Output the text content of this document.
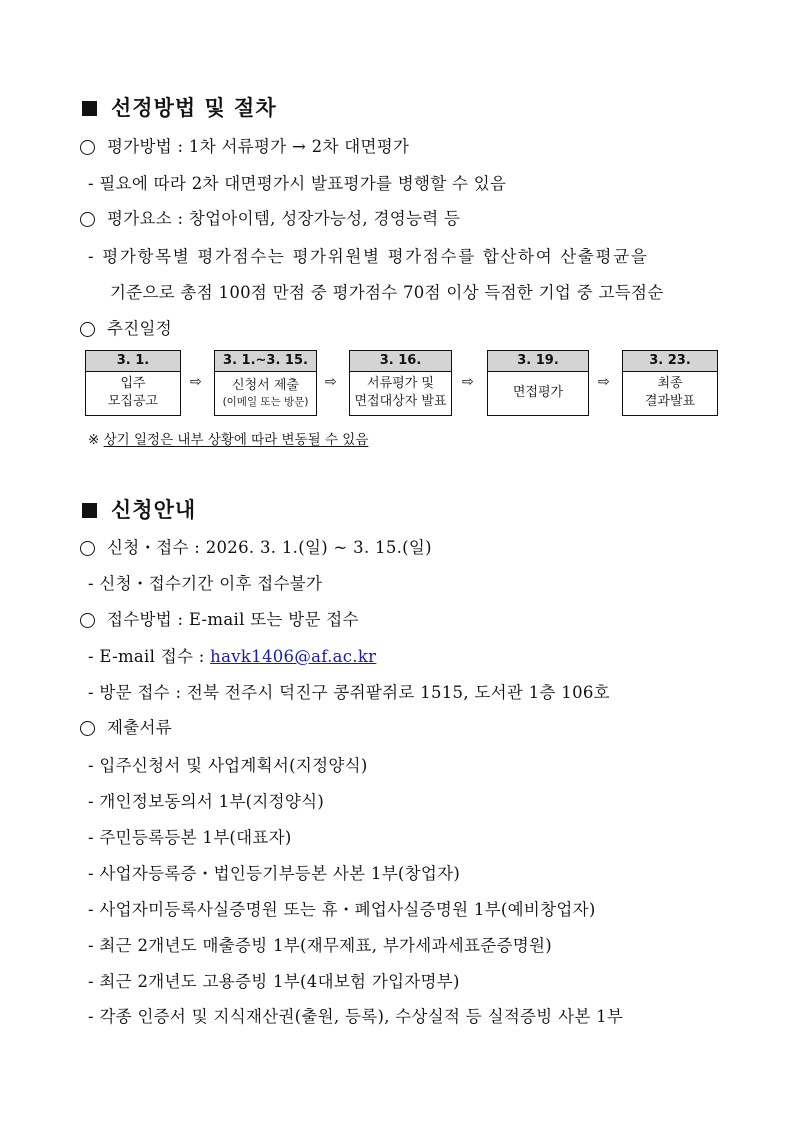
선정방법 및 절차
평가방법 : 1차 서류평가 → 2차 대면평가
- 필요에 따라 2차 대면평가시 발표평가를 병행할 수 있음
평가요소 : 창업아이템, 성장가능성, 경영능력 등
- 평가항목별 평가점수는 평가위원별 평가점수를 합산하여 산출평균을
기준으로 총점 100점 만점 중 평가점수 70점 이상 득점한 기업 중 고득점순
추진일정
3. 1.
입주
모집공고
⇨
3. 1.~3. 15.
신청서 제출
(이메일 또는 방문)
⇨
3. 16.
서류평가 및
면접대상자 발표
⇨
3. 19.
면접평가
⇨
3. 23.
최종
결과발표
※ 상기 일정은 내부 상황에 따라 변동될 수 있음
신청안내
신청・접수 : 2026. 3. 1.(일) ~ 3. 15.(일)
- 신청・접수기간 이후 접수불가
접수방법 : E-mail 또는 방문 접수
- E-mail 접수 : havk1406@af.ac.kr
- 방문 접수 : 전북 전주시 덕진구 콩쥐팥쥐로 1515, 도서관 1층 106호
제출서류
- 입주신청서 및 사업계획서(지정양식)
- 개인정보동의서 1부(지정양식)
- 주민등록등본 1부(대표자)
- 사업자등록증・법인등기부등본 사본 1부(창업자)
- 사업자미등록사실증명원 또는 휴・폐업사실증명원 1부(예비창업자)
- 최근 2개년도 매출증빙 1부(재무제표, 부가세과세표준증명원)
- 최근 2개년도 고용증빙 1부(4대보험 가입자명부)
- 각종 인증서 및 지식재산권(출원, 등록), 수상실적 등 실적증빙 사본 1부
